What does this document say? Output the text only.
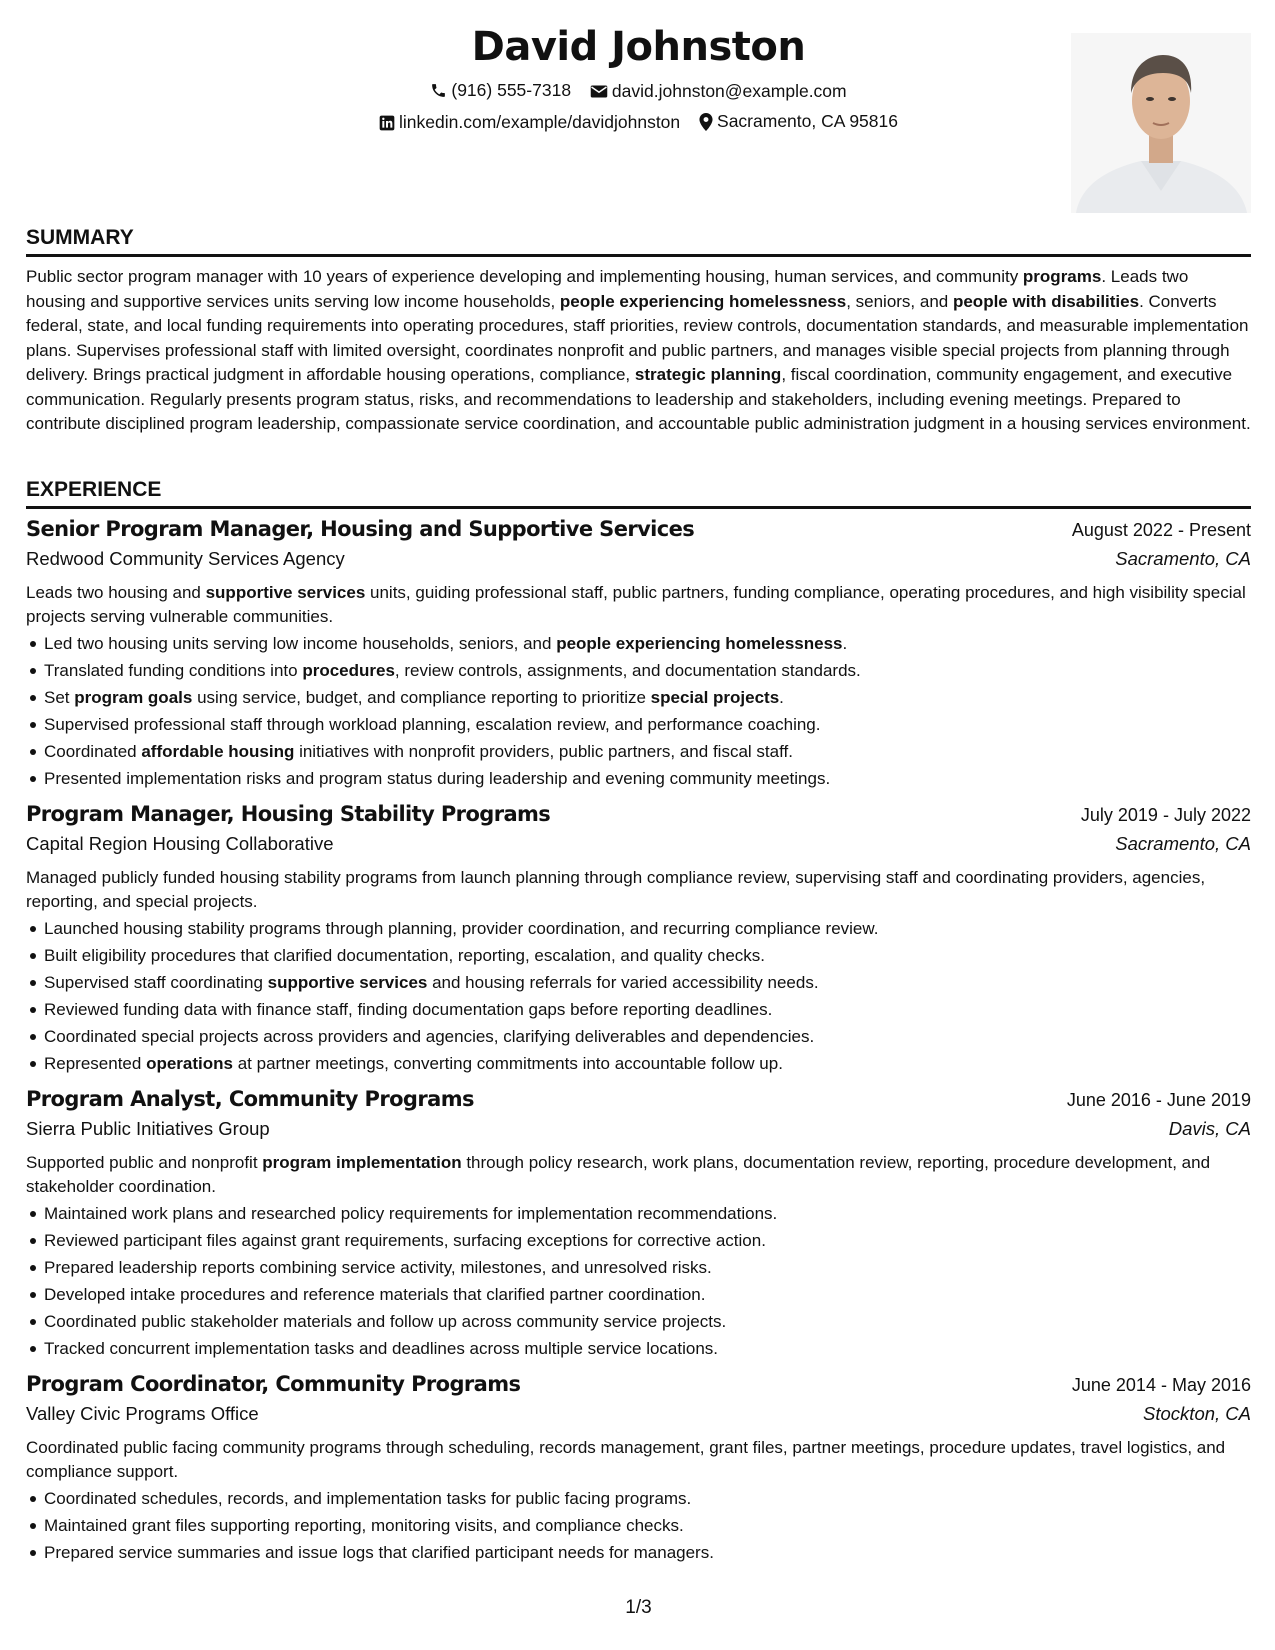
David Johnston
(916) 555-7318
david.johnston@example.com
linkedin.com/example/davidjohnston
Sacramento, CA 95816
SUMMARY

Public sector program manager with 10 years of experience developing and implementing housing, human services, and community programs. Leads two housing and supportive services units serving low income households, people experiencing homelessness, seniors, and people with disabilities. Converts federal, state, and local funding requirements into operating procedures, staff priorities, review controls, documentation standards, and measurable implementation plans. Supervises professional staff with limited oversight, coordinates nonprofit and public partners, and manages visible special projects from planning through delivery. Brings practical judgment in affordable housing operations, compliance, strategic planning, fiscal coordination, community engagement, and executive communication. Regularly presents program status, risks, and recommendations to leadership and stakeholders, including evening meetings. Prepared to contribute disciplined program leadership, compassionate service coordination, and accountable public administration judgment in a housing services environment.

EXPERIENCE
Senior Program Manager, Housing and Supportive Services	August 2022 - Present
Redwood Community Services Agency	Sacramento, CA

Leads two housing and supportive services units, guiding professional staff, public partners, funding compliance, operating procedures, and high visibility special projects serving vulnerable communities.

Led two housing units serving low income households, seniors, and people experiencing homelessness.
Translated funding conditions into procedures, review controls, assignments, and documentation standards.
Set program goals using service, budget, and compliance reporting to prioritize special projects.
Supervised professional staff through workload planning, escalation review, and performance coaching.
Coordinated affordable housing initiatives with nonprofit providers, public partners, and fiscal staff.
Presented implementation risks and program status during leadership and evening community meetings.
Program Manager, Housing Stability Programs	July 2019 - July 2022
Capital Region Housing Collaborative	Sacramento, CA

Managed publicly funded housing stability programs from launch planning through compliance review, supervising staff and coordinating providers, agencies, reporting, and special projects.

Launched housing stability programs through planning, provider coordination, and recurring compliance review.
Built eligibility procedures that clarified documentation, reporting, escalation, and quality checks.
Supervised staff coordinating supportive services and housing referrals for varied accessibility needs.
Reviewed funding data with finance staff, finding documentation gaps before reporting deadlines.
Coordinated special projects across providers and agencies, clarifying deliverables and dependencies.
Represented operations at partner meetings, converting commitments into accountable follow up.
Program Analyst, Community Programs	June 2016 - June 2019
Sierra Public Initiatives Group	Davis, CA

Supported public and nonprofit program implementation through policy research, work plans, documentation review, reporting, procedure development, and stakeholder coordination.

Maintained work plans and researched policy requirements for implementation recommendations.
Reviewed participant files against grant requirements, surfacing exceptions for corrective action.
Prepared leadership reports combining service activity, milestones, and unresolved risks.
Developed intake procedures and reference materials that clarified partner coordination.
Coordinated public stakeholder materials and follow up across community service projects.
Tracked concurrent implementation tasks and deadlines across multiple service locations.
Program Coordinator, Community Programs	June 2014 - May 2016
Valley Civic Programs Office	Stockton, CA

Coordinated public facing community programs through scheduling, records management, grant files, partner meetings, procedure updates, travel logistics, and compliance support.

Coordinated schedules, records, and implementation tasks for public facing programs.
Maintained grant files supporting reporting, monitoring visits, and compliance checks.
Prepared service summaries and issue logs that clarified participant needs for managers.
1/3
